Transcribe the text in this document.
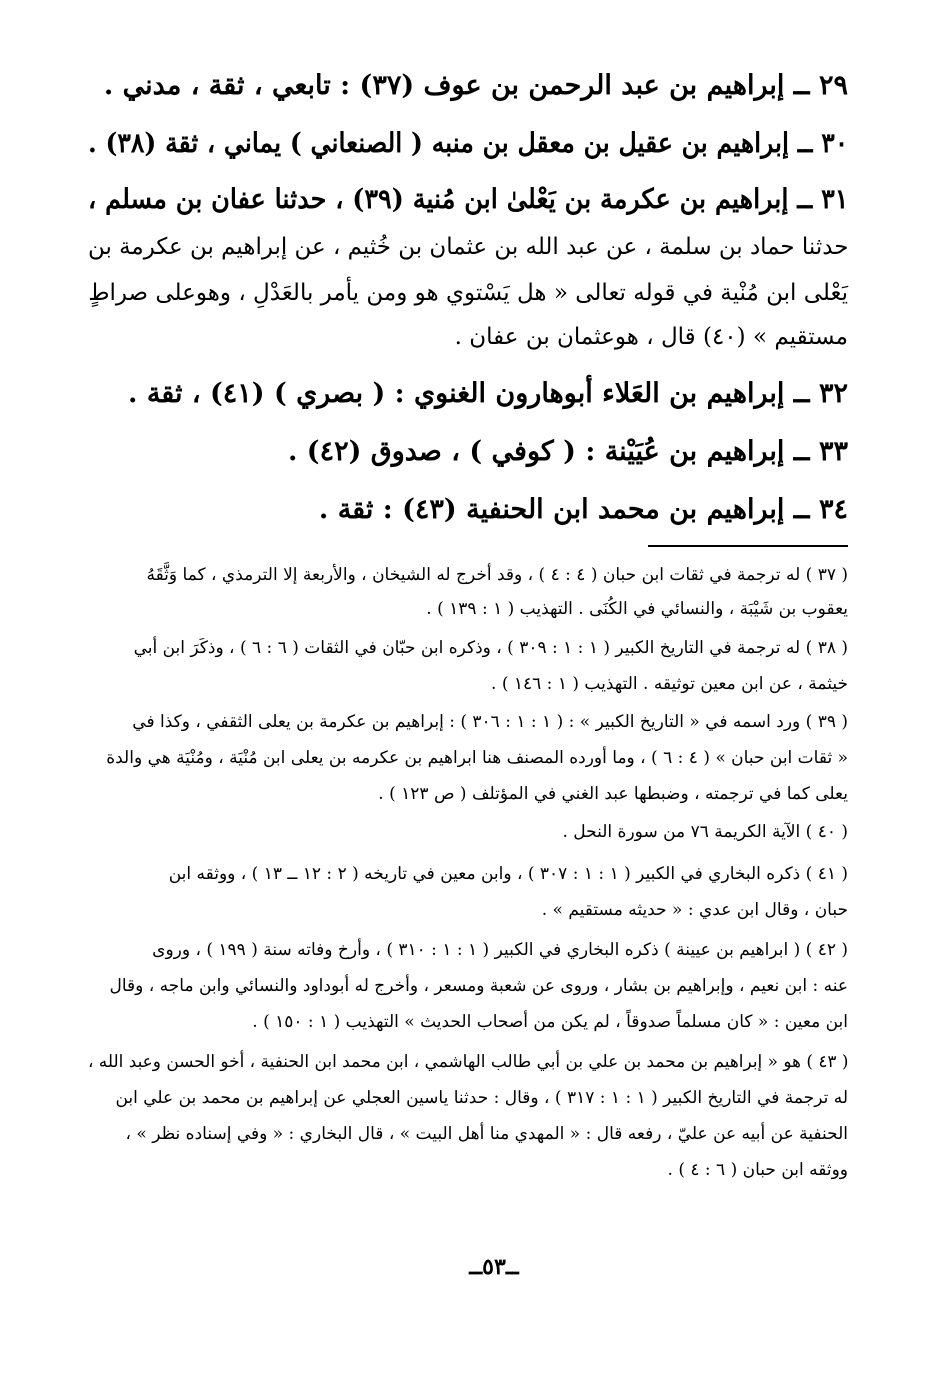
٢٩ ــ إبراهيم بن عبد الرحمن بن عوف (٣٧) : تابعي ، ثقة ، مدني .
٣٠ ــ إبراهيم بن عقيل بن معقل بن منبه ( الصنعاني ) يماني ، ثقة (٣٨) .
٣١ ــ إبراهيم بن عكرمة بن يَعْلىٰ ابن مُنية (٣٩) ، حدثنا عفان بن مسلم ،
حدثنا حماد بن سلمة ، عن عبد الله بن عثمان بن خُثيم ، عن إبراهيم بن عكرمة بن
يَعْلى ابن مُنْية في قوله تعالى « هل يَسْتوي هو ومن يأمر بالعَدْلِ ، وهوعلى صراطٍ
مستقيم » (٤٠) قال ، هوعثمان بن عفان .
٣٢ ــ إبراهيم بن العَلاء أبوهارون الغنوي : ( بصري ) (٤١) ، ثقة .
٣٣ ــ إبراهيم بن عُيَيْنة : ( كوفي ) ، صدوق (٤٢) .
٣٤ ــ إبراهيم بن محمد ابن الحنفية (٤٣) : ثقة .
( ٣٧ ) له ترجمة في ثقات ابن حبان ( ٤ : ٤ ) ، وقد أخرج له الشيخان ، والأربعة إلا الترمذي ، كما وَثَّقَهُ
يعقوب بن شَيْبَة ، والنسائي في الكُنَى . التهذيب ( ١ : ١٣٩ ) .
( ٣٨ ) له ترجمة في التاريخ الكبير ( ١ : ١ : ٣٠٩ ) ، وذكره ابن حبّان في الثقات ( ٦ : ٦ ) ، وذكَرَ ابن أبي
خيثمة ، عن ابن معين توثيقه . التهذيب ( ١ : ١٤٦ ) .
( ٣٩ ) ورد اسمه في « التاريخ الكبير » : ( ١ : ١ : ٣٠٦ ) : إبراهيم بن عكرمة بن يعلى الثقفي ، وكذا في
« ثقات ابن حبان » ( ٤ : ٦ ) ، وما أورده المصنف هنا ابراهيم بن عكرمه بن يعلى ابن مُنْيَة ، ومُنْيَة هي والدة
يعلى كما في ترجمته ، وضبطها عبد الغني في المؤتلف ( ص ١٢٣ ) .
( ٤٠ ) الآية الكريمة ٧٦ من سورة النحل .
( ٤١ ) ذكره البخاري في الكبير ( ١ : ١ : ٣٠٧ ) ، وابن معين في تاريخه ( ٢ : ١٢ ــ ١٣ ) ، ووثقه ابن
حبان ، وقال ابن عدي : « حديثه مستقيم » .
( ٤٢ ) ( ابراهيم بن عيينة ) ذكره البخاري في الكبير ( ١ : ١ : ٣١٠ ) ، وأرخ وفاته سنة ( ١٩٩ ) ، وروى
عنه : ابن نعيم ، وإبراهيم بن بشار ، وروى عن شعبة ومسعر ، وأخرج له أبوداود والنسائي وابن ماجه ، وقال
ابن معين : « كان مسلماً صدوقاً ، لم يكن من أصحاب الحديث » التهذيب ( ١ : ١٥٠ ) .
( ٤٣ ) هو « إبراهيم بن محمد بن علي بن أبي طالب الهاشمي ، ابن محمد ابن الحنفية ، أخو الحسن وعبد الله ،
له ترجمة في التاريخ الكبير ( ١ : ١ : ٣١٧ ) ، وقال : حدثنا ياسين العجلي عن إبراهيم بن محمد بن علي ابن
الحنفية عن أبيه عن عليّ ، رفعه قال : « المهدي منا أهل البيت » ، قال البخاري : « وفي إسناده نظر » ،
ووثقه ابن حبان ( ٦ : ٤ ) .
ــ٥٣ــ
